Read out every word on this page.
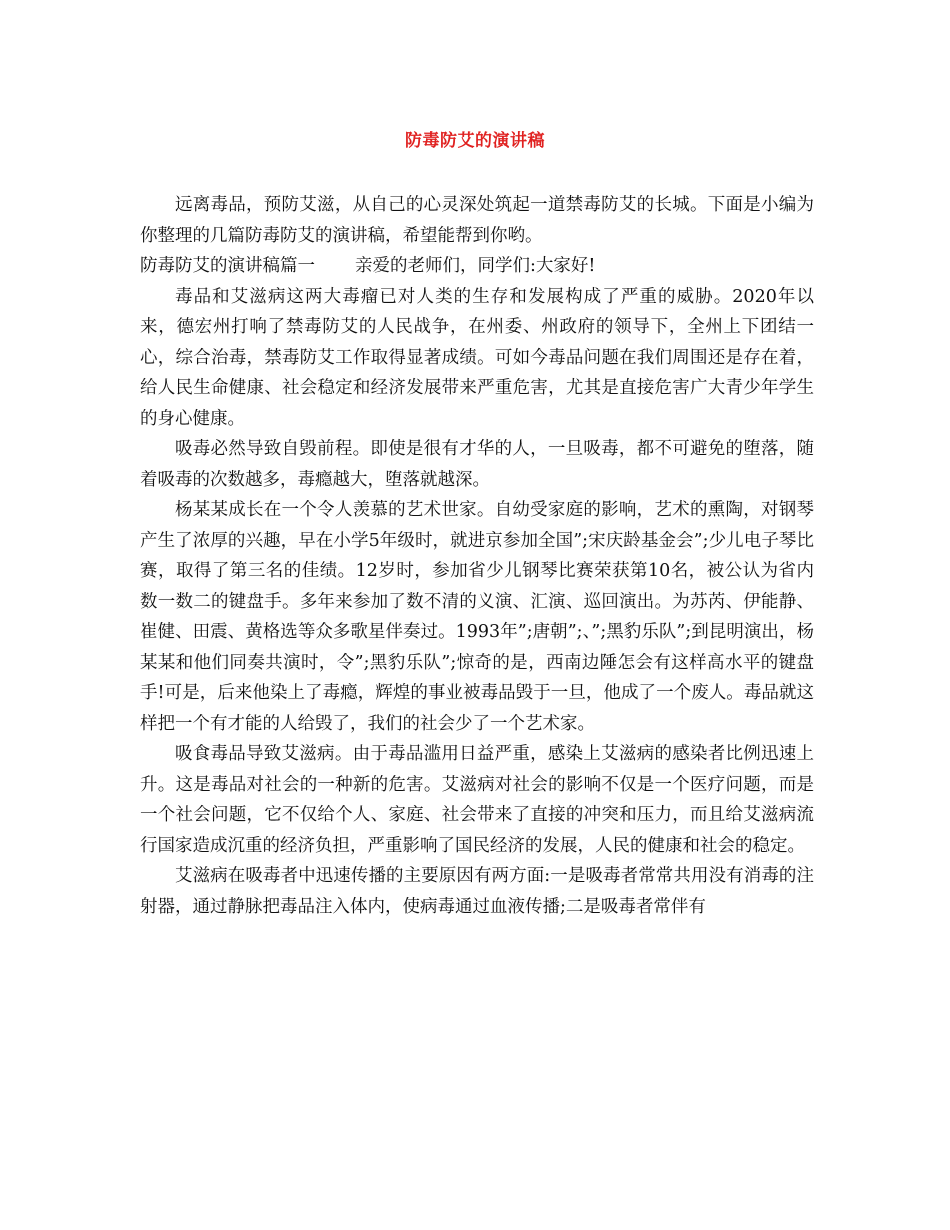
防毒防艾的演讲稿

远离毒品，预防艾滋，从自己的心灵深处筑起一道禁毒防艾的长城。下面是小编为你整理的几篇防毒防艾的演讲稿，希望能帮到你哟。

防毒防艾的演讲稿篇一 亲爱的老师们，同学们:大家好!

毒品和艾滋病这两大毒瘤已对人类的生存和发展构成了严重的威胁。2020年以来，德宏州打响了禁毒防艾的人民战争，在州委、州政府的领导下，全州上下团结一心，综合治毒，禁毒防艾工作取得显著成绩。可如今毒品问题在我们周围还是存在着，给人民生命健康、社会稳定和经济发展带来严重危害，尤其是直接危害广大青少年学生的身心健康。

吸毒必然导致自毁前程。即使是很有才华的人，一旦吸毒，都不可避免的堕落，随着吸毒的次数越多，毒瘾越大，堕落就越深。

杨某某成长在一个令人羡慕的艺术世家。自幼受家庭的影响，艺术的熏陶，对钢琴产生了浓厚的兴趣，早在小学5年级时，就进京参加全国”;宋庆龄基金会”;少儿电子琴比赛，取得了第三名的佳绩。12岁时，参加省少儿钢琴比赛荣获第10名，被公认为省内数一数二的键盘手。多年来参加了数不清的义演、汇演、巡回演出。为苏芮、伊能静、崔健、田震、黄格选等众多歌星伴奏过。1993年”;唐朝”;、”;黑豹乐队”;到昆明演出，杨某某和他们同奏共演时，令”;黑豹乐队”;惊奇的是，西南边陲怎会有这样高水平的键盘手!可是，后来他染上了毒瘾，辉煌的事业被毒品毁于一旦，他成了一个废人。毒品就这样把一个有才能的人给毁了，我们的社会少了一个艺术家。

吸食毒品导致艾滋病。由于毒品滥用日益严重，感染上艾滋病的感染者比例迅速上升。这是毒品对社会的一种新的危害。艾滋病对社会的影响不仅是一个医疗问题，而是一个社会问题，它不仅给个人、家庭、社会带来了直接的冲突和压力，而且给艾滋病流行国家造成沉重的经济负担，严重影响了国民经济的发展，人民的健康和社会的稳定。

艾滋病在吸毒者中迅速传播的主要原因有两方面:一是吸毒者常常共用没有消毒的注射器，通过静脉把毒品注入体内，使病毒通过血液传播;二是吸毒者常伴有
